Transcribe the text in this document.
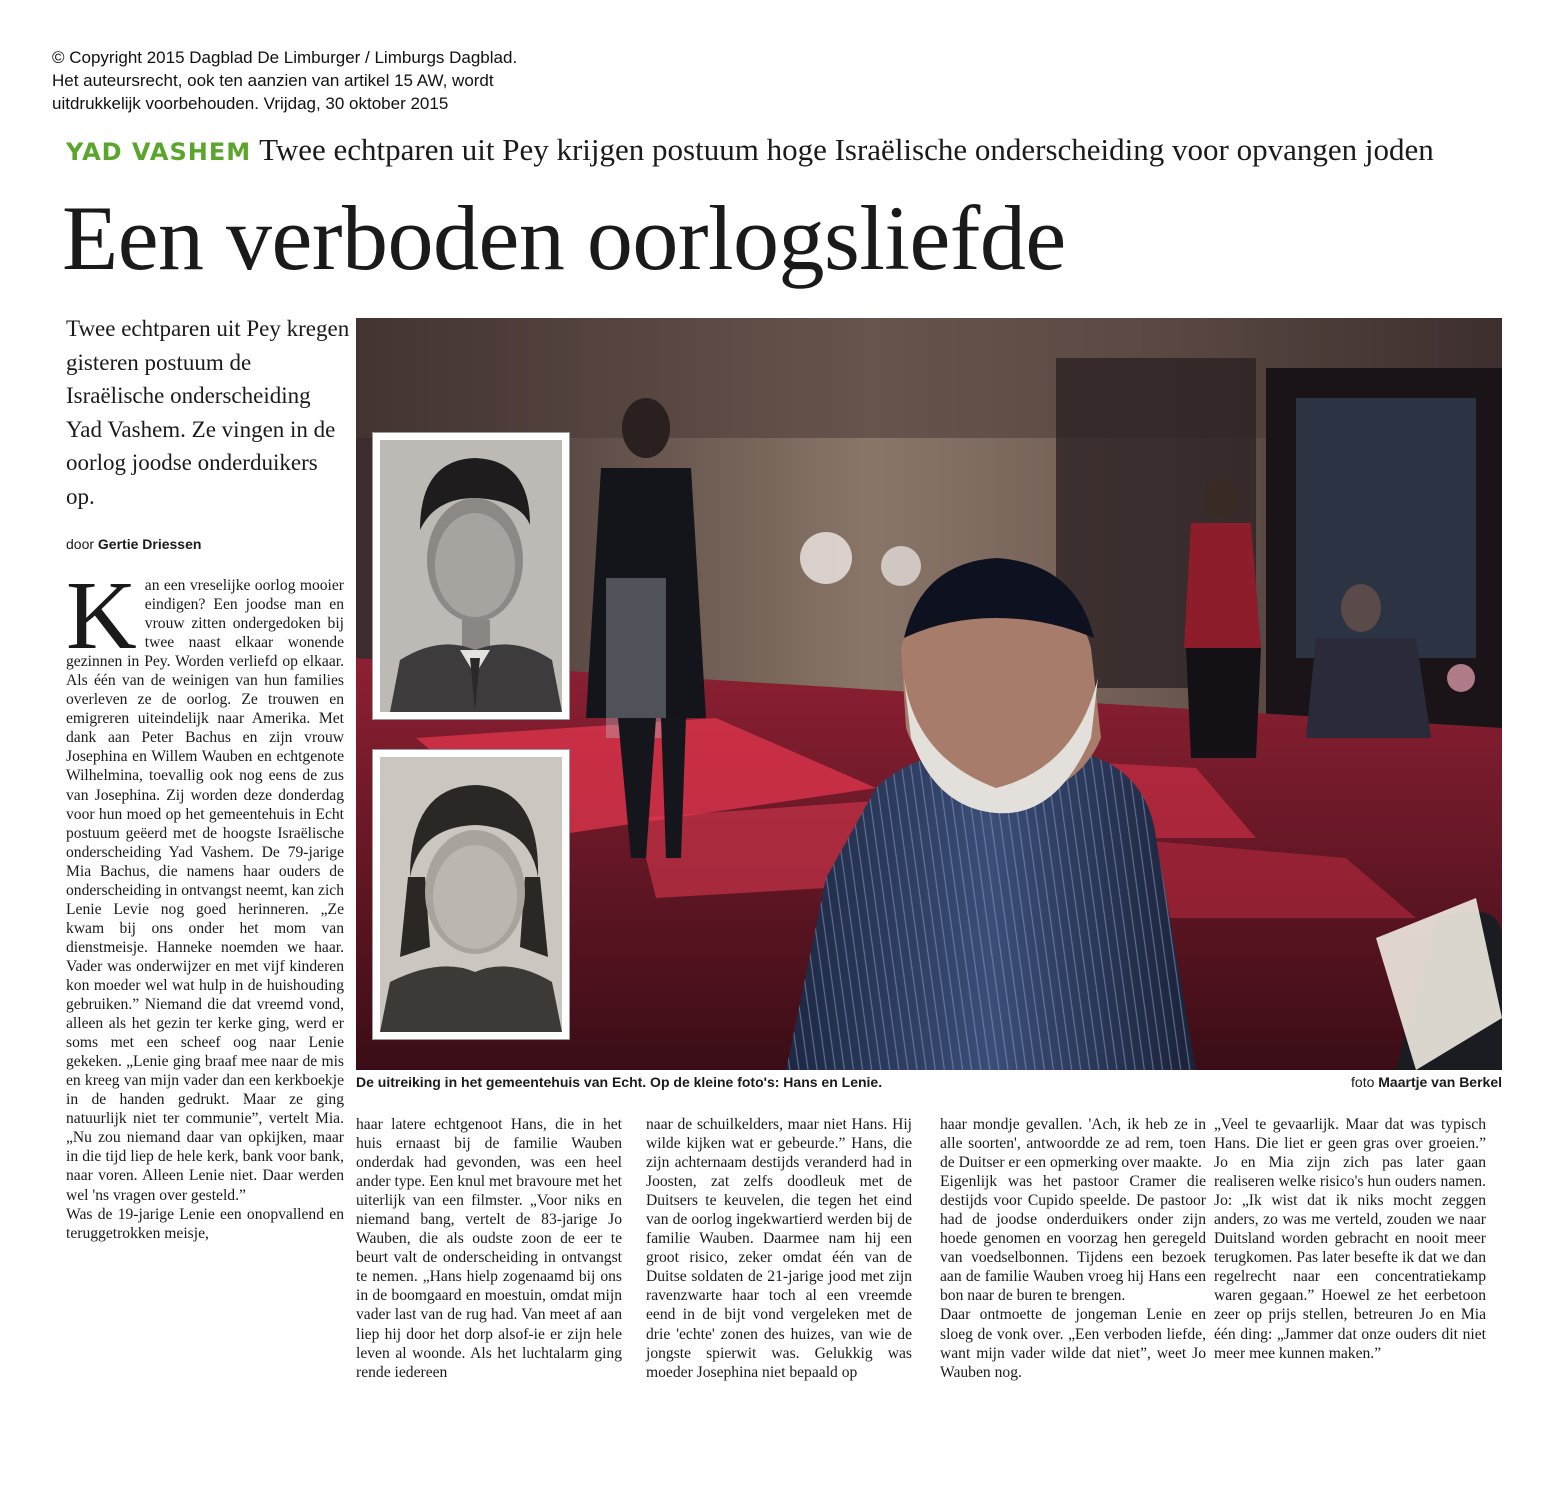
© Copyright 2015 Dagblad De Limburger / Limburgs Dagblad.
Het auteursrecht, ook ten aanzien van artikel 15 AW, wordt
uitdrukkelijk voorbehouden. Vrijdag, 30 oktober 2015
YAD VASHEM Twee echtparen uit Pey krijgen postuum hoge Israëlische onderscheiding voor opvangen joden
Een verboden oorlogsliefde
Twee echtparen uit Pey kregen gisteren postuum de Israëlische onderscheiding Yad Vashem. Ze vingen in de oorlog joodse onderduikers op.
door Gertie Driessen

Kan een vreselijke oorlog mooier eindigen? Een joodse man en vrouw zitten ondergedoken bij twee naast elkaar wonende gezinnen in Pey. Worden verliefd op elkaar. Als één van de weinigen van hun families overleven ze de oorlog. Ze trouwen en emigreren uiteindelijk naar Amerika. Met dank aan Peter Bachus en zijn vrouw Josephina en Willem Wauben en echtgenote Wilhelmina, toevallig ook nog eens de zus van Josephina. Zij worden deze donderdag voor hun moed op het gemeentehuis in Echt postuum geëerd met de hoogste Israëlische onderscheiding Yad Vashem. De 79-jarige Mia Bachus, die namens haar ouders de onderscheiding in ontvangst neemt, kan zich Lenie Levie nog goed herinneren. „Ze kwam bij ons onder het mom van dienstmeisje. Hanneke noemden we haar. Vader was onderwijzer en met vijf kinderen kon moeder wel wat hulp in de huishouding gebruiken.” Niemand die dat vreemd vond, alleen als het gezin ter kerke ging, werd er soms met een scheef oog naar Lenie gekeken. „Lenie ging braaf mee naar de mis en kreeg van mijn vader dan een kerkboekje in de handen gedrukt. Maar ze ging natuurlijk niet ter communie”, vertelt Mia. „Nu zou niemand daar van opkijken, maar in die tijd liep de hele kerk, bank voor bank, naar voren. Alleen Lenie niet. Daar werden wel 'ns vragen over gesteld.”

Was de 19-jarige Lenie een onopvallend en teruggetrokken meisje,

De uitreiking in het gemeentehuis van Echt. Op de kleine foto's: Hans en Lenie.	foto Maartje van Berkel

haar latere echtgenoot Hans, die in het huis ernaast bij de familie Wauben onderdak had gevonden, was een heel ander type. Een knul met bravoure met het uiterlijk van een filmster. „Voor niks en niemand bang, vertelt de 83-jarige Jo Wauben, die als oudste zoon de eer te beurt valt de onderscheiding in ontvangst te nemen. „Hans hielp zogenaamd bij ons in de boomgaard en moestuin, omdat mijn vader last van de rug had. Van meet af aan liep hij door het dorp alsof-ie er zijn hele leven al woonde. Als het luchtalarm ging rende iedereen

naar de schuilkelders, maar niet Hans. Hij wilde kijken wat er gebeurde.” Hans, die zijn achternaam destijds veranderd had in Joosten, zat zelfs doodleuk met de Duitsers te keuvelen, die tegen het eind van de oorlog ingekwartierd werden bij de familie Wauben. Daarmee nam hij een groot risico, zeker omdat één van de Duitse soldaten de 21-jarige jood met zijn ravenzwarte haar toch al een vreemde eend in de bijt vond vergeleken met de drie 'echte' zonen des huizes, van wie de jongste spierwit was. Gelukkig was moeder Josephina niet bepaald op

haar mondje gevallen. 'Ach, ik heb ze in alle soorten', antwoordde ze ad rem, toen de Duitser er een opmerking over maakte.

Eigenlijk was het pastoor Cramer die destijds voor Cupido speelde. De pastoor had de joodse onderduikers onder zijn hoede genomen en voorzag hen geregeld van voedselbonnen. Tijdens een bezoek aan de familie Wauben vroeg hij Hans een bon naar de buren te brengen.

Daar ontmoette de jongeman Lenie en sloeg de vonk over. „Een verboden liefde, want mijn vader wilde dat niet”, weet Jo Wauben nog.

„Veel te gevaarlijk. Maar dat was typisch Hans. Die liet er geen gras over groeien.” Jo en Mia zijn zich pas later gaan realiseren welke risico's hun ouders namen. Jo: „Ik wist dat ik niks mocht zeggen anders, zo was me verteld, zouden we naar Duitsland worden gebracht en nooit meer terugkomen. Pas later besefte ik dat we dan regelrecht naar een concentratiekamp waren gegaan.” Hoewel ze het eerbetoon zeer op prijs stellen, betreuren Jo en Mia één ding: „Jammer dat onze ouders dit niet meer mee kunnen maken.”
